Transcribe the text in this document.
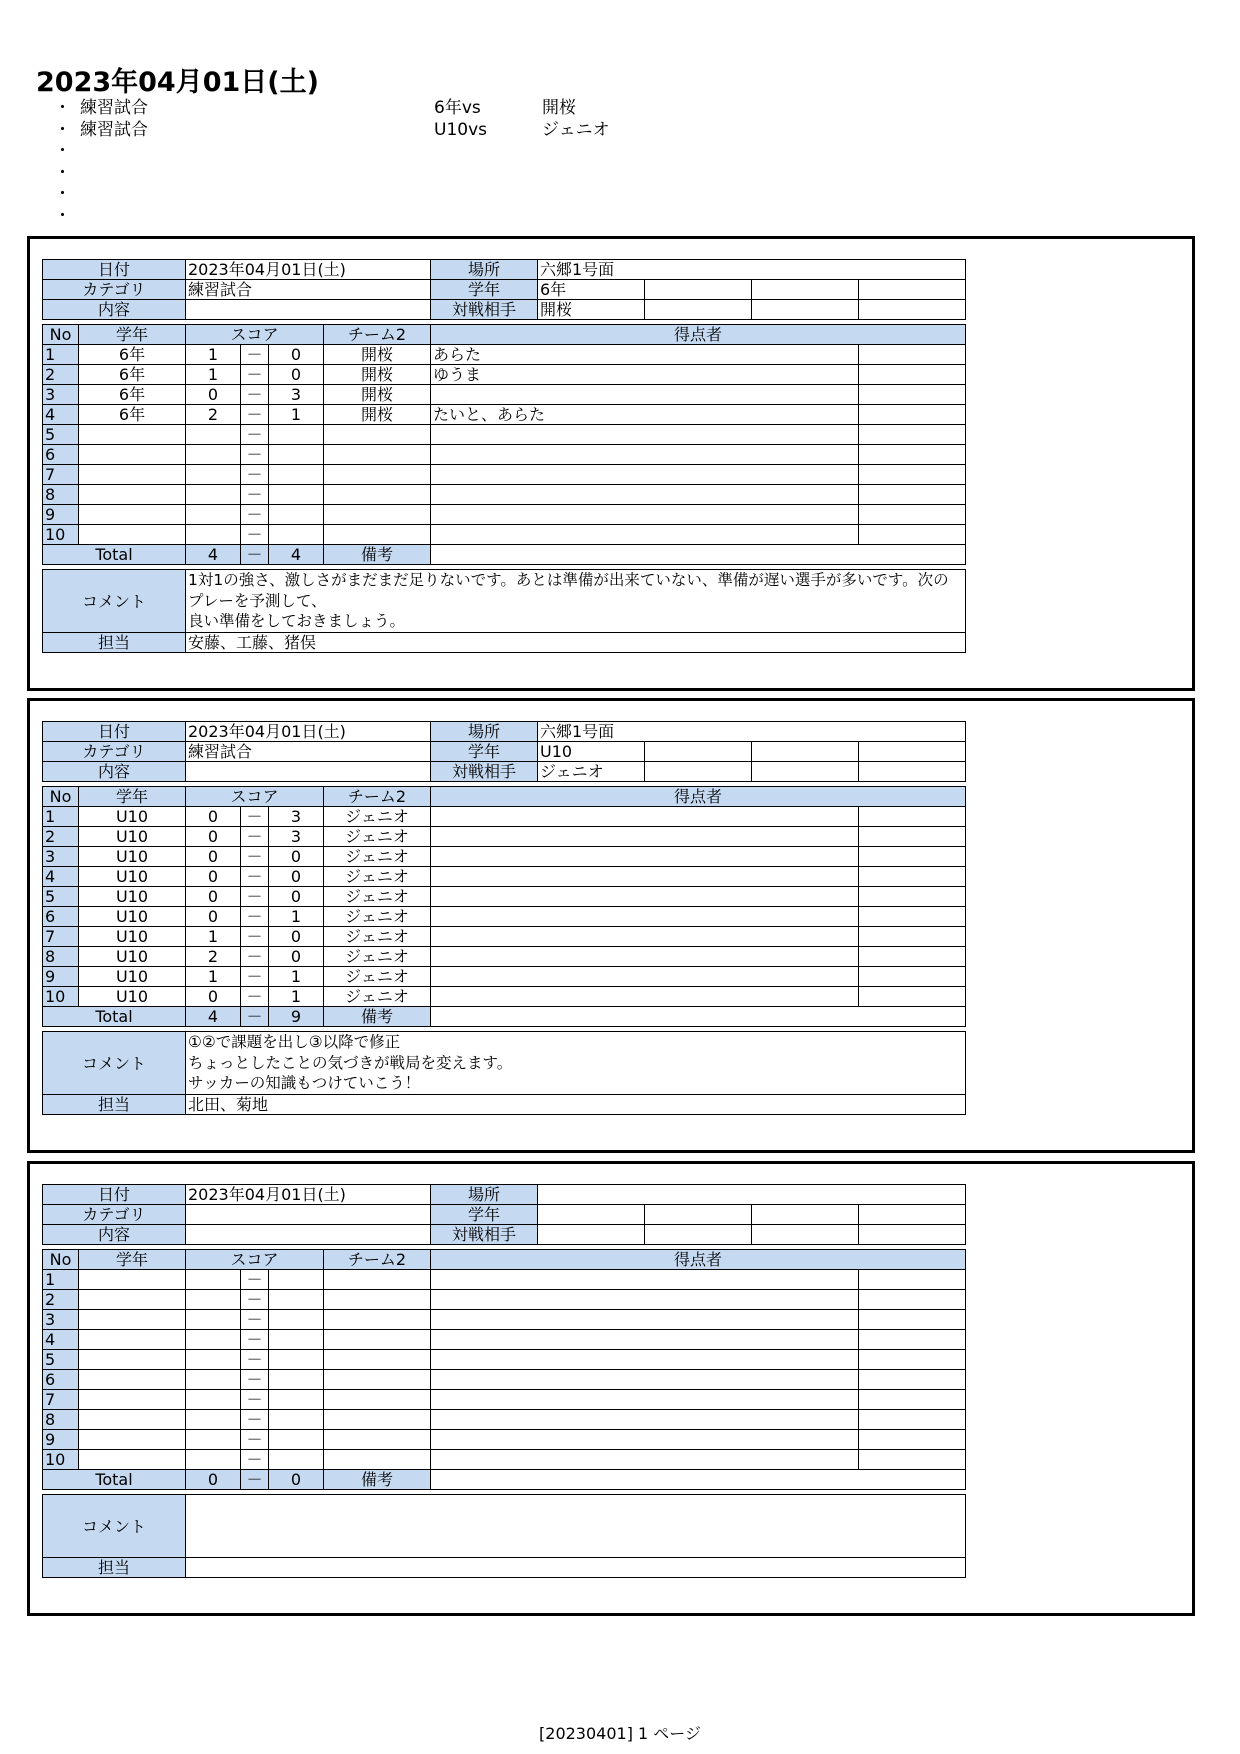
2023年04月01日(土)
・ 練習試合	6年vs	開桜
・ 練習試合	U10vs	ジェニオ
・
・
・
・
日付		2023年04月01日(土)				場所	六郷1号面			
カテゴリ		練習試合				学年	6年			
内容						対戦相手	開桜			

No	学年	スコア			チーム2	得点者				
1	6年	1	－	0	開桜	あらた				
2	6年	1	－	0	開桜	ゆうま				
3	6年	0	－	3	開桜					
4	6年	2	－	1	開桜	たいと、あらた				
5			－							
6			－							
7			－							
8			－							
9			－							
10			－							
Total		4	－	4	備考					

コメント		1対1の強さ、激しさがまだまだ足りないです。あとは準備が出来ていない、準備が遅い選手が多いです。次のプレーを予測して、
良い準備をしておきましょう。								

担当		安藤、工藤、猪俣								
日付		2023年04月01日(土)				場所	六郷1号面			
カテゴリ		練習試合				学年	U10			
内容						対戦相手	ジェニオ			

No	学年	スコア			チーム2	得点者				
1	U10	0	－	3	ジェニオ					
2	U10	0	－	3	ジェニオ					
3	U10	0	－	0	ジェニオ					
4	U10	0	－	0	ジェニオ					
5	U10	0	－	0	ジェニオ					
6	U10	0	－	1	ジェニオ					
7	U10	1	－	0	ジェニオ					
8	U10	2	－	0	ジェニオ					
9	U10	1	－	1	ジェニオ					
10	U10	0	－	1	ジェニオ					
Total		4	－	9	備考					

コメント		①②で課題を出し③以降で修正
ちょっとしたことの気づきが戦局を変えます。
サッカーの知識もつけていこう！								

担当		北田、菊地								
日付		2023年04月01日(土)				場所				
カテゴリ						学年				
内容						対戦相手				

No	学年	スコア			チーム2	得点者				
1			－							
2			－							
3			－							
4			－							
5			－							
6			－							
7			－							
8			－							
9			－							
10			－							
Total		0	－	0	備考					

コメント										
担当										
[20230401] 1 ページ
